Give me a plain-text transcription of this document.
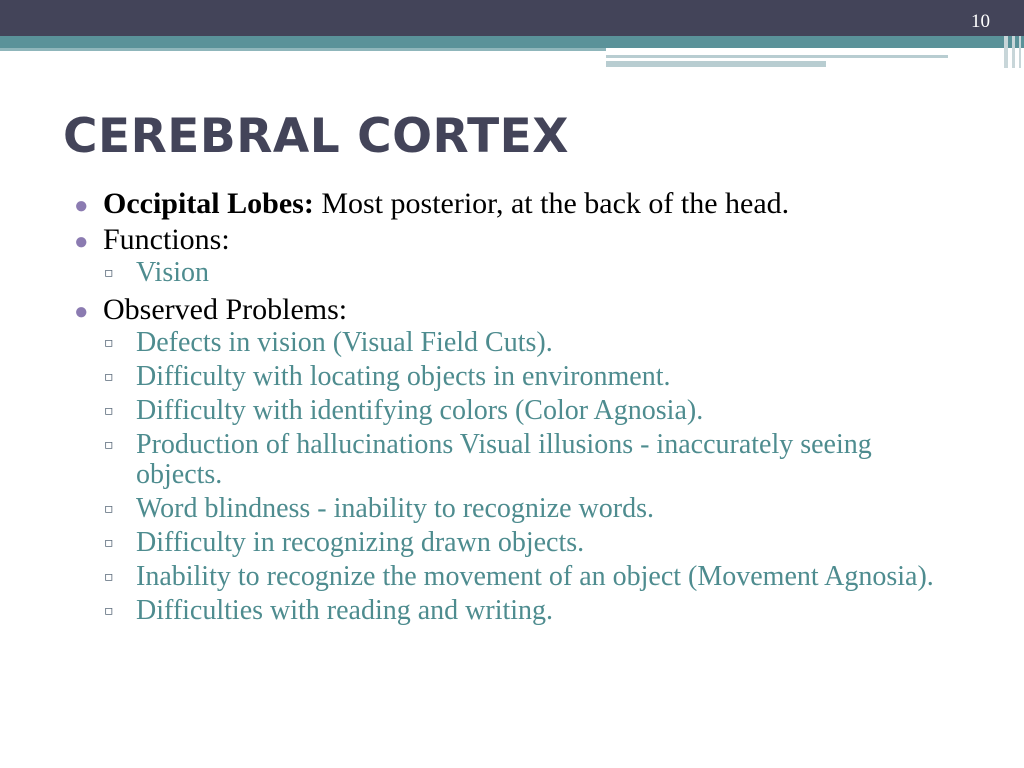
10
CEREBRAL CORTEX
● Occipital Lobes: Most posterior, at the back of the head.
● Functions:
▫ Vision
● Observed Problems:
▫ Defects in vision (Visual Field Cuts).
▫ Difficulty with locating objects in environment.
▫ Difficulty with identifying colors (Color Agnosia).
▫ Production of hallucinations Visual illusions - inaccurately seeing objects.
▫ Word blindness - inability to recognize words.
▫ Difficulty in recognizing drawn objects.
▫ Inability to recognize the movement of an object (Movement Agnosia).
▫ Difficulties with reading and writing.
